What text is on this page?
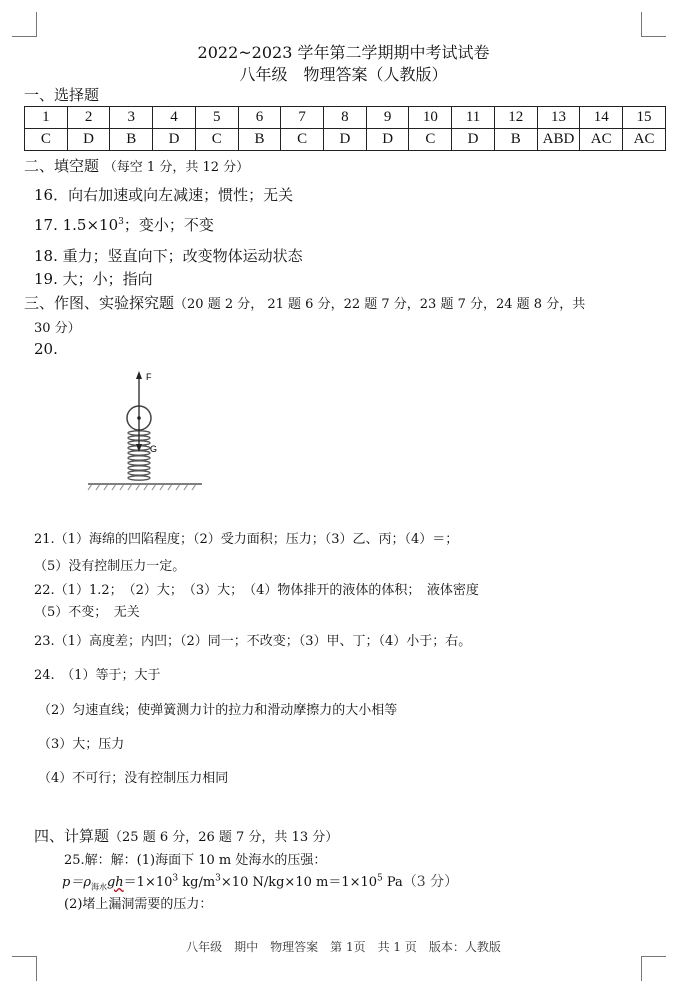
2022~2023 学年第二学期期中考试试卷
八年级　物理答案（人教版）
一、选择题
1	2	3	4	5	6	7	8	9	10	11	12	13	14	15
C	D	B	D	C	B	C	D	D	C	D	B	ABD	AC	AC
二、填空题 （每空 1 分，共 12 分）
16．向右加速或向左减速；惯性；无关
17. $1.5\times 10^3$；变小；不变
18. 重力；竖直向下；改变物体运动状态
19. 大；小；指向
三、作图、实验探究题（20 题 2 分， 21 题 6 分，22 题 7 分，23 题 7 分，24 题 8 分，共
30 分）
20.
F
G
21.（1）海绵的凹陷程度；（2）受力面积；压力；（3）乙、丙；（4）＝；
（5）没有控制压力一定。
22.（1）1.2；　（2）大；　（3）大；　（4）物体排开的液体的体积；　液体密度
（5）不变；　无关
23.（1）高度差；内凹；（2）同一；不改变；（3）甲、丁；（4）小于；右。
24.　（1）等于；大于
（2）匀速直线；使弹簧测力计的拉力和滑动摩擦力的大小相等
（3）大；压力
（4）不可行；没有控制压力相同
四、计算题（25 题 6 分，26 题 7 分，共 13 分）
25.解：解：(1)海面下 10 m 处海水的压强：
$p=\rho_{海水}gh=1\times 10^3$ $kg/m^3\times 10$ N/kg×10 $m=1\times 10^5$ Pa（3 分）
(2)堵上漏洞需要的压力：
八年级　期中　物理答案　第 1页　共 1 页　版本：人教版
